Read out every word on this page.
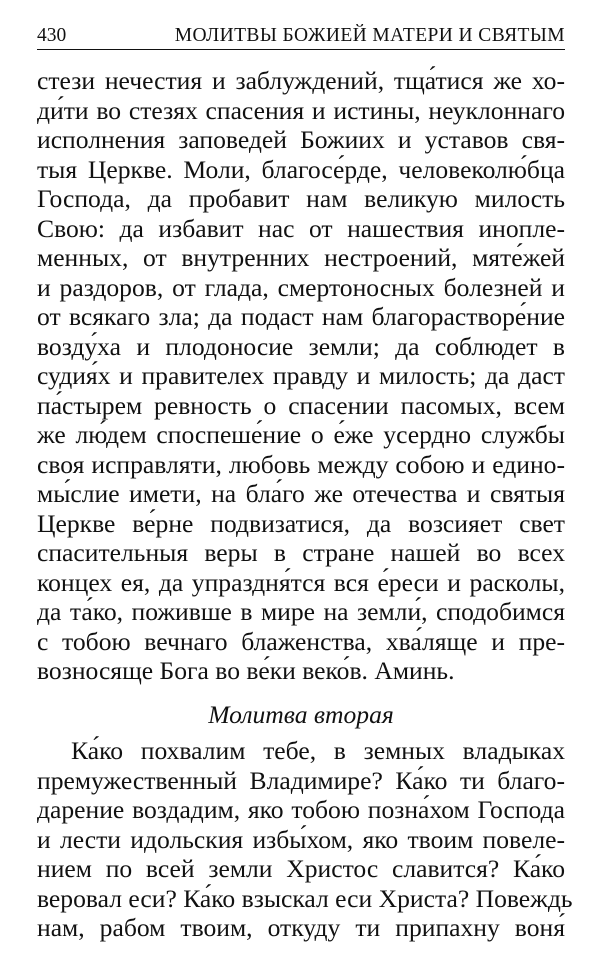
430	МОЛИТВЫ БОЖИЕЙ МАТЕРИ И СВЯТЫМ
стези нечестия и заблуждений, тща́тися же хо-
ди́ти во стезях спасения и истины, неуклоннаго
исполнения заповедей Божиих и уставов свя-
тыя Церкве. Моли, благосе́рде, человеколю́бца
Господа, да пробавит нам великую милость
Свою: да избавит нас от нашествия инопле-
менных, от внутренних нестроений, мяте́жей
и раздоров, от глада, смертоносных болезней и
от всякаго зла; да подаст нам благораствоpе́ние
возду́ха и плодоносие земли; да соблюдет в
судия́х и правителех правду и милость; да даст
па́стырем ревность о спасении пасомых, всем
же лю́дем споспеше́ние о е́же усердно службы
своя исправляти, любовь между собою и едино-
мы́слие имети, на бла́го же отечества и святыя
Церкве ве́рне подвизатися, да возсияет свет
спасительныя веры в стране нашей во всех
концех ея, да упраздня́тся вся е́реси и расколы,
да та́ко, поживше в мире на земли́, сподобимся
с тобою вечнаго блаженства, хва́ляще и пре-
возносяще Бога во ве́ки веко́в. Аминь.
Молитва вторая
Ка́ко похвалим тебе, в земных владыках
премужественный Владимире? Ка́ко ти благо-
дарение воздадим, яко тобою позна́хом Господа
и лести идольския избы́хом, яко твоим повеле-
нием по всей земли Христос славится? Ка́ко
веровал еси? Ка́ко взыскал еси Христа? Повеждь
нам, рабом твоим, откуду ти припахну воня́
